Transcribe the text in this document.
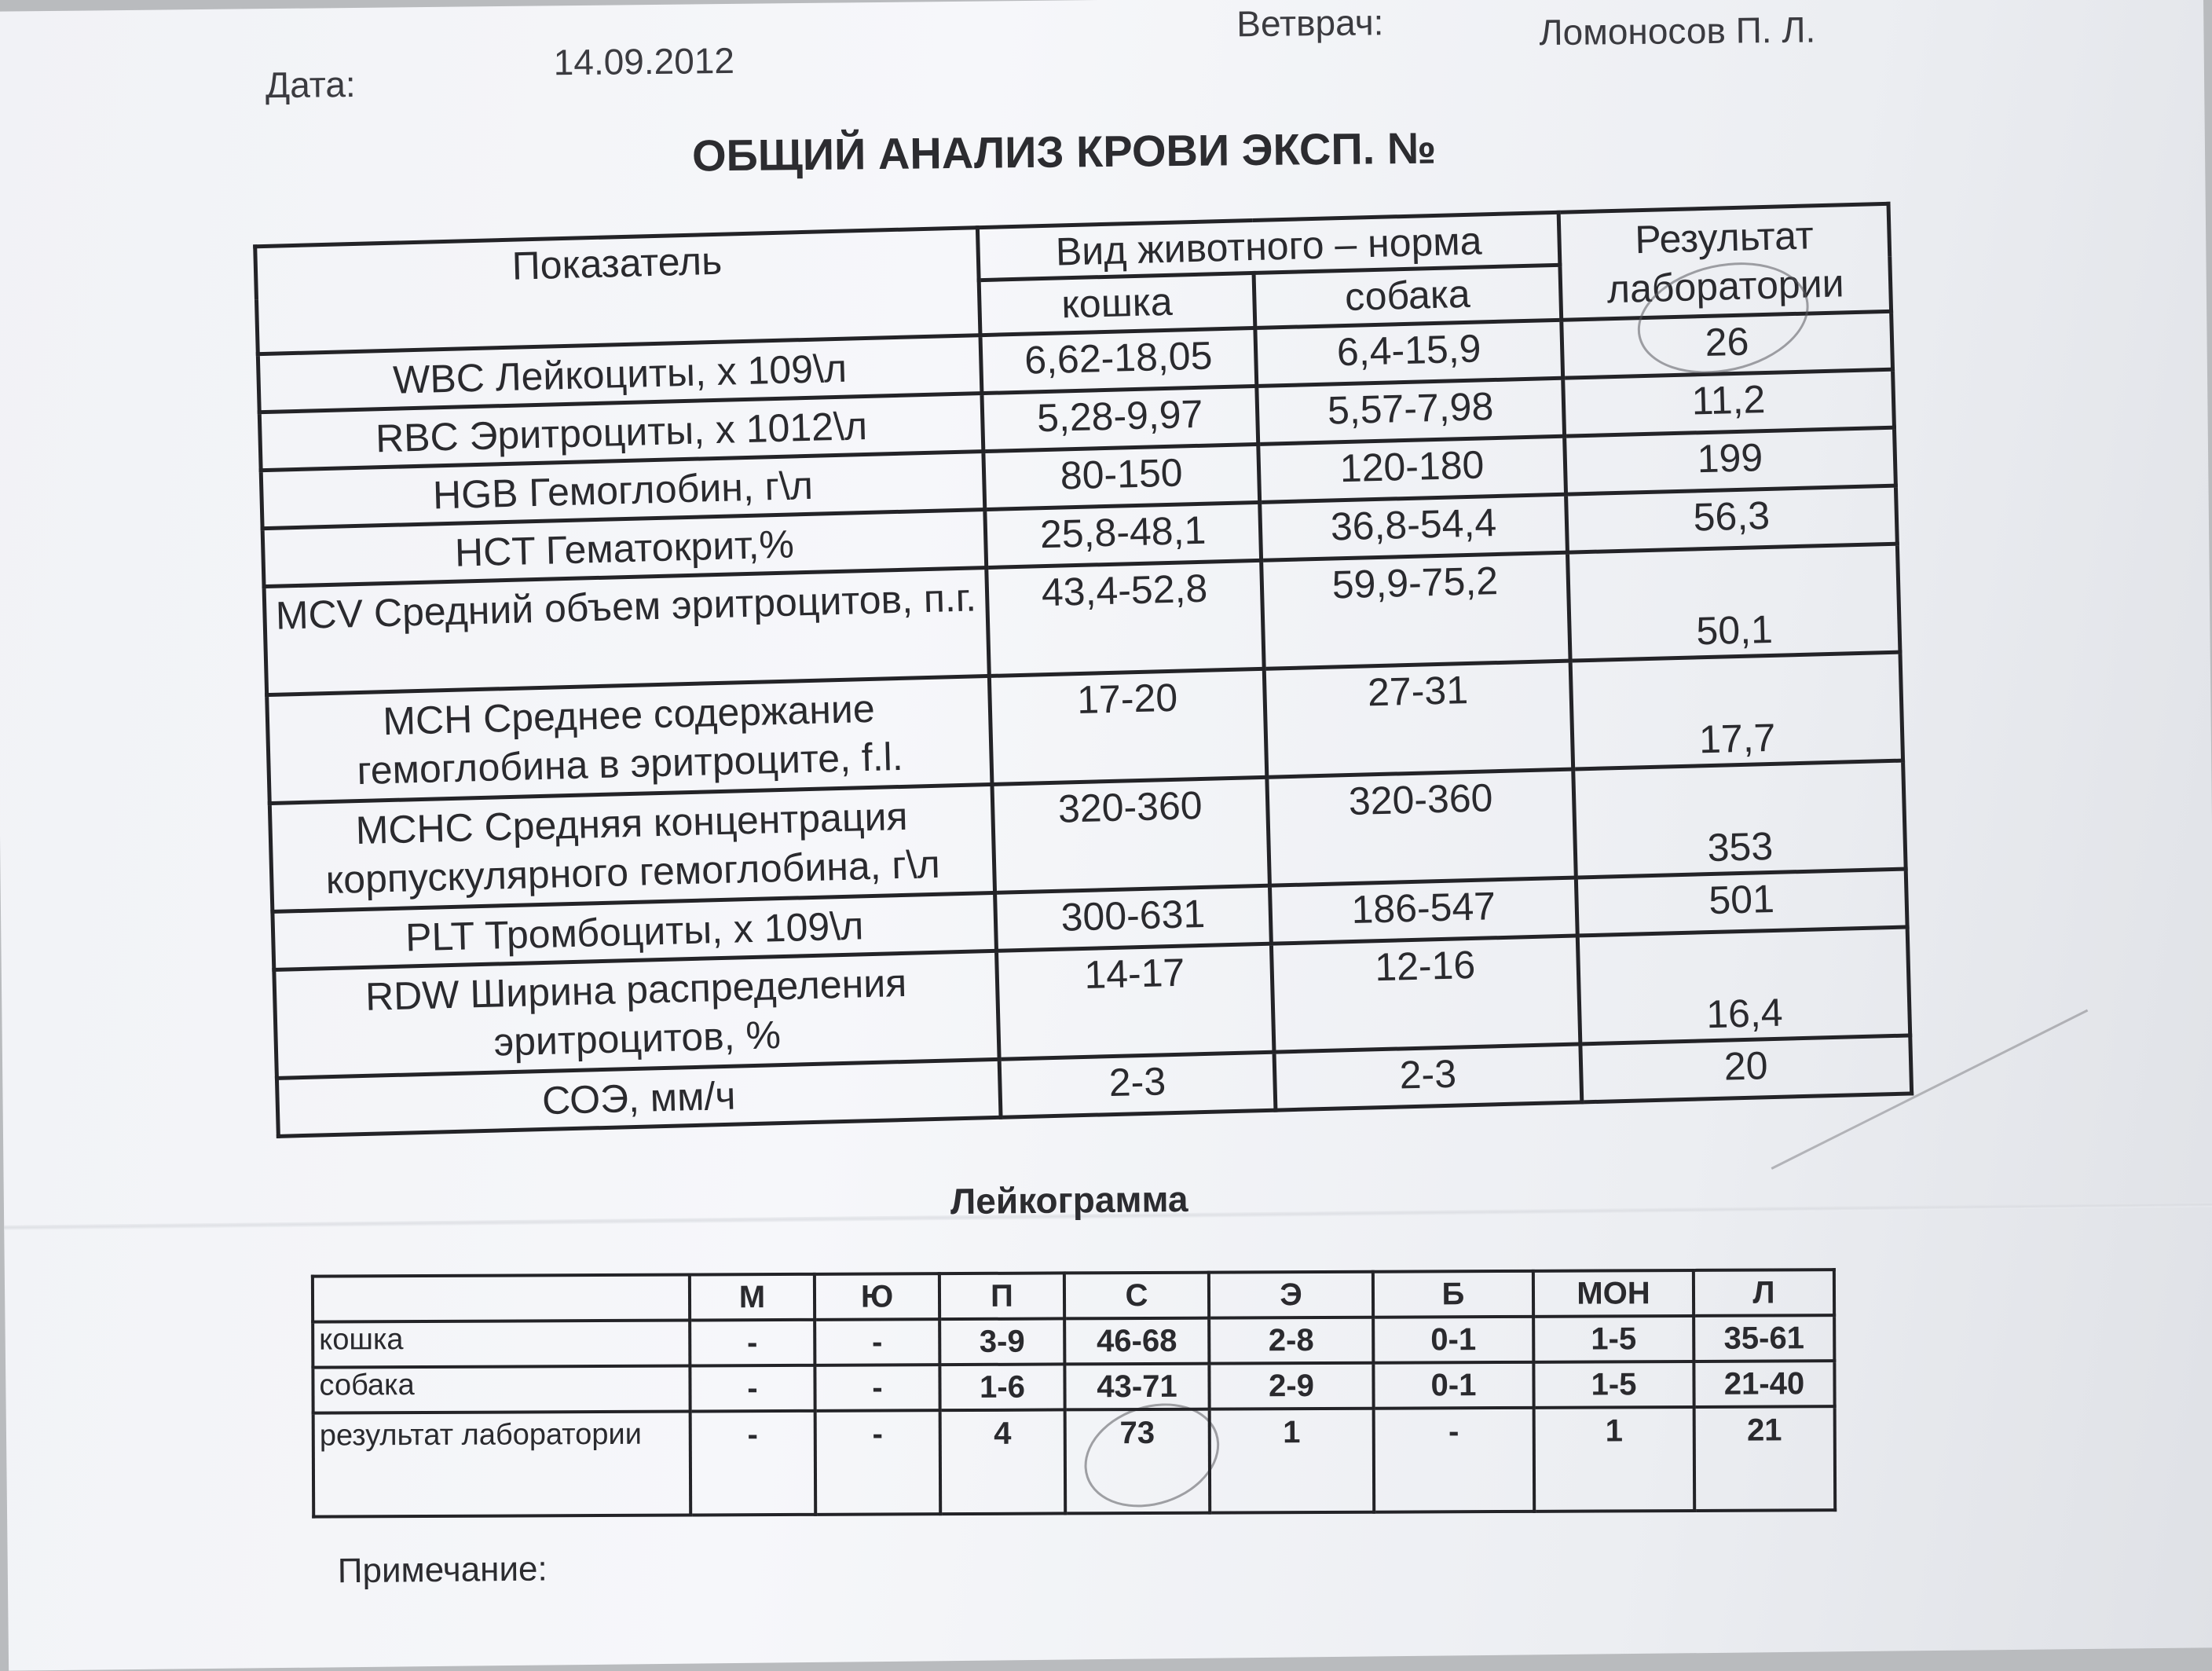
Дата:
14.09.2012
Ветврач:	Ломоносов П. Л.
ОБЩИЙ АНАЛИЗ КРОВИ ЭКСП. №
Показатель	Вид животного – норма		Результат лаборатории
	кошка	собака	
WBC Лейкоциты, x 109\л	6,62-18,05	6,4-15,9	26
RBC Эритроциты, x 1012\л	5,28-9,97	5,57-7,98	11,2
HGB Гемоглобин, г\л	80-150	120-180	199
HCT Гематокрит,%	25,8-48,1	36,8-54,4	56,3
MCV Средний объем эритроцитов, п.г.	43,4-52,8	59,9-75,2	50,1
MCH Среднее содержание гемоглобина в эритроците, f.l.	17-20	27-31	17,7
MCHC Средняя концентрация корпускулярного гемоглобина, г\л	320-360	320-360	353
PLT Тромбоциты, x 109\л	300-631	186-547	501
RDW Ширина распределения эритроцитов, %	14-17	12-16	16,4
СОЭ, мм/ч	2-3	2-3	20
Лейкограмма
	М	Ю	П	С	Э	Б	МОН	Л
кошка	-	-	3-9	46-68	2-8	0-1	1-5	35-61
собака	-	-	1-6	43-71	2-9	0-1	1-5	21-40
результат лаборатории	-	-	4	73	1	-	1	21
Примечание:
